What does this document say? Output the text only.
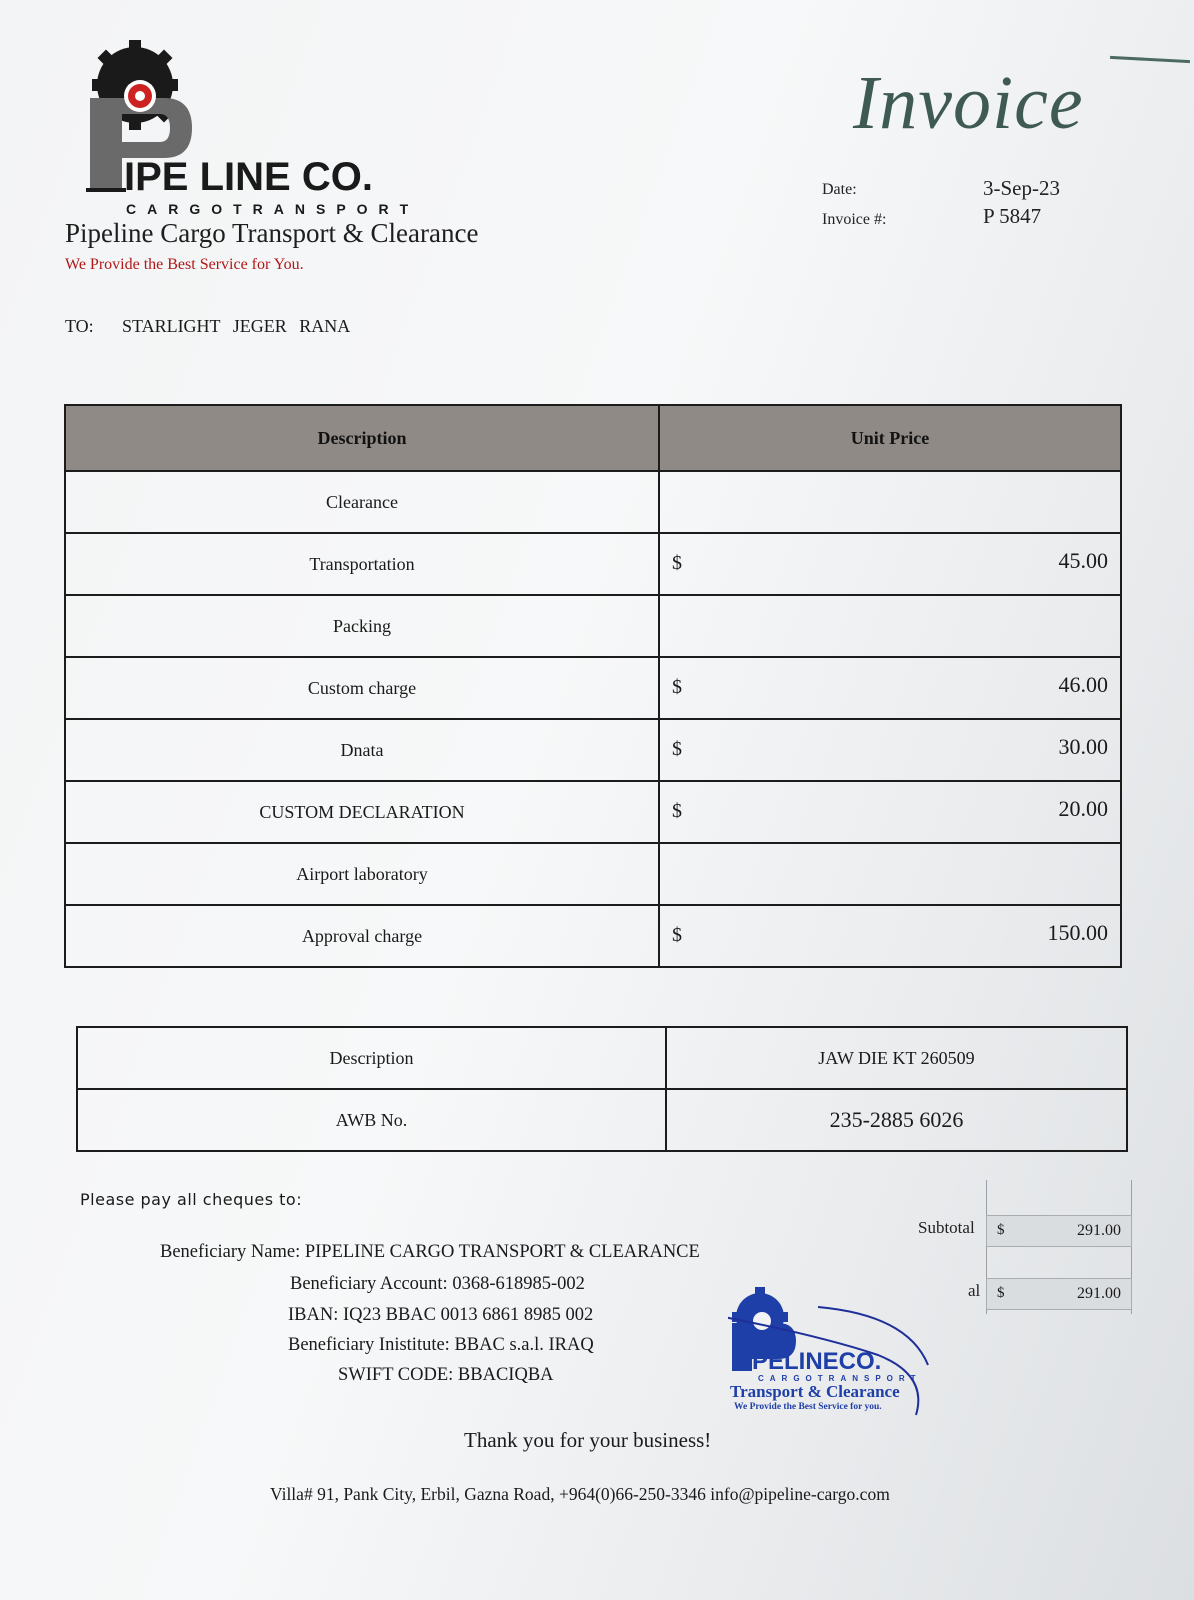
IPE LINE CO.
CARGOTRANSPORT
Pipeline Cargo Transport & Clearance
We Provide the Best Service for You.
Invoice
Date:	3-Sep-23
Invoice #:	P 5847
TO: STARLIGHT JEGER RANA
Description	Unit Price
Clearance	

Transportation	$ 45.00

Packing	

Custom charge	$ 46.00

Dnata	$ 30.00

CUSTOM DECLARATION	$ 20.00

Airport laboratory	

Approval charge	$ 150.00
Description	JAW DIE KT 260509
AWB No.	235-2885 6026
Please pay all cheques to:
Beneficiary Name: PIPELINE CARGO TRANSPORT & CLEARANCE
Beneficiary Account: 0368-618985-002
IBAN: IQ23 BBAC 0013 6861 8985 002
Beneficiary Inistitute: BBAC s.a.l. IRAQ
SWIFT CODE: BBACIQBA
Subtotal $	291.00
al $	291.00
PELINECO.
CARGOTRANSPORT
Transport & Clearance
We Provide the Best Service for you.
Thank you for your business!
Villa# 91, Pank City, Erbil, Gazna Road, +964(0)66-250-3346 info@pipeline-cargo.com
